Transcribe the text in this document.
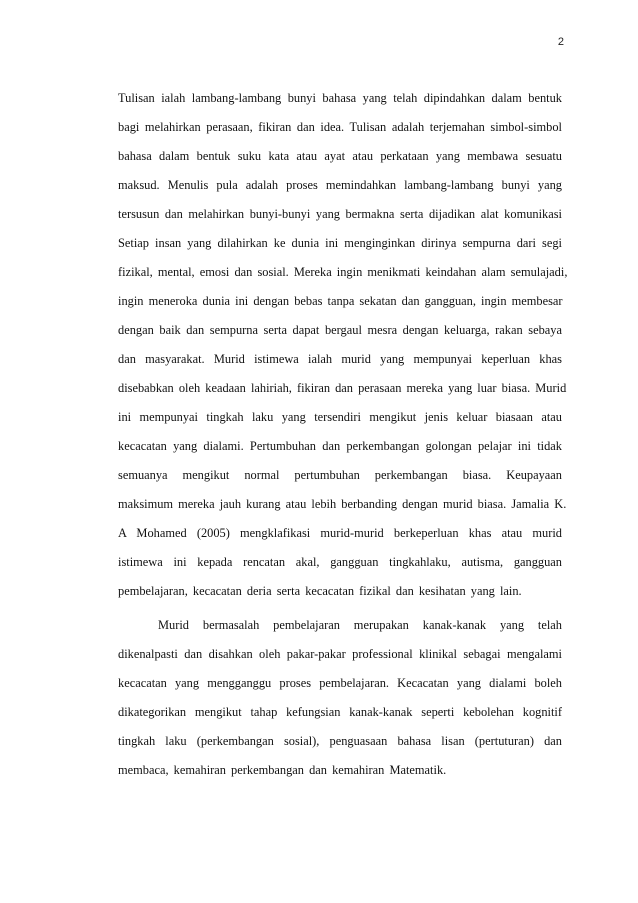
2
Tulisan ialah lambang-lambang bunyi bahasa yang telah dipindahkan dalam bentuk
bagi melahirkan perasaan, fikiran dan idea. Tulisan adalah terjemahan simbol-simbol
bahasa dalam bentuk suku kata atau ayat atau perkataan yang membawa sesuatu
maksud. Menulis pula adalah proses memindahkan lambang-lambang bunyi yang
tersusun dan melahirkan bunyi-bunyi yang bermakna serta dijadikan alat komunikasi
Setiap insan yang dilahirkan ke dunia ini menginginkan dirinya sempurna dari segi
fizikal, mental, emosi dan sosial. Mereka ingin menikmati keindahan alam semulajadi,
ingin meneroka dunia ini dengan bebas tanpa sekatan dan gangguan, ingin membesar
dengan baik dan sempurna serta dapat bergaul mesra dengan keluarga, rakan sebaya
dan masyarakat. Murid istimewa ialah murid yang mempunyai keperluan khas
disebabkan oleh keadaan lahiriah, fikiran dan perasaan mereka yang luar biasa. Murid
ini mempunyai tingkah laku yang tersendiri mengikut jenis keluar biasaan atau
kecacatan yang dialami. Pertumbuhan dan perkembangan golongan pelajar ini tidak
semuanya mengikut normal pertumbuhan perkembangan biasa. Keupayaan
maksimum mereka jauh kurang atau lebih berbanding dengan murid biasa. Jamalia K.
A Mohamed (2005) mengklafikasi murid-murid berkeperluan khas atau murid
istimewa ini kepada rencatan akal, gangguan tingkahlaku, autisma, gangguan
pembelajaran, kecacatan deria serta kecacatan fizikal dan kesihatan yang lain.
Murid bermasalah pembelajaran merupakan kanak-kanak yang telah
dikenalpasti dan disahkan oleh pakar-pakar professional klinikal sebagai mengalami
kecacatan yang mengganggu proses pembelajaran. Kecacatan yang dialami boleh
dikategorikan mengikut tahap kefungsian kanak-kanak seperti kebolehan kognitif
tingkah laku (perkembangan sosial), penguasaan bahasa lisan (pertuturan) dan
membaca, kemahiran perkembangan dan kemahiran Matematik.
